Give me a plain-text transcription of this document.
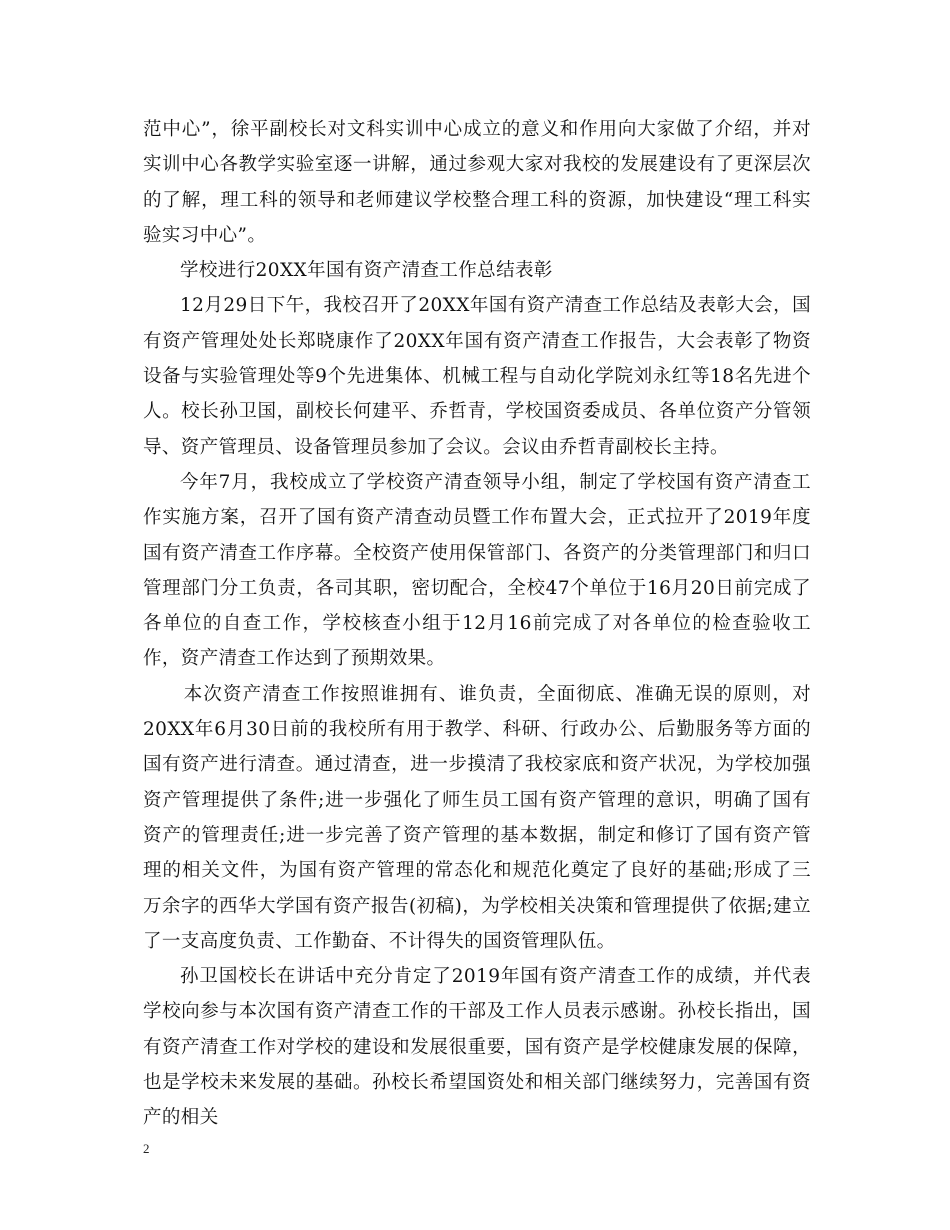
范中心”，徐平副校长对文科实训中心成立的意义和作用向大家做了介绍，并对实训中心各教学实验室逐一讲解，通过参观大家对我校的发展建设有了更深层次的了解，理工科的领导和老师建议学校整合理工科的资源，加快建设“理工科实验实习中心”。

学校进行20XX年国有资产清查工作总结表彰

12月29日下午，我校召开了20XX年国有资产清查工作总结及表彰大会，国有资产管理处处长郑晓康作了20XX年国有资产清查工作报告，大会表彰了物资设备与实验管理处等9个先进集体、机械工程与自动化学院刘永红等18名先进个人。校长孙卫国，副校长何建平、乔哲青，学校国资委成员、各单位资产分管领导、资产管理员、设备管理员参加了会议。会议由乔哲青副校长主持。

今年7月，我校成立了学校资产清查领导小组，制定了学校国有资产清查工作实施方案，召开了国有资产清查动员暨工作布置大会，正式拉开了2019年度国有资产清查工作序幕。全校资产使用保管部门、各资产的分类管理部门和归口管理部门分工负责，各司其职，密切配合，全校47个单位于16月20日前完成了各单位的自查工作，学校核查小组于12月16前完成了对各单位的检查验收工作，资产清查工作达到了预期效果。

本次资产清查工作按照谁拥有、谁负责，全面彻底、准确无误的原则，对20XX年6月30日前的我校所有用于教学、科研、行政办公、后勤服务等方面的国有资产进行清查。通过清查，进一步摸清了我校家底和资产状况，为学校加强资产管理提供了条件;进一步强化了师生员工国有资产管理的意识，明确了国有资产的管理责任;进一步完善了资产管理的基本数据，制定和修订了国有资产管理的相关文件，为国有资产管理的常态化和规范化奠定了良好的基础;形成了三万余字的西华大学国有资产报告(初稿)，为学校相关决策和管理提供了依据;建立了一支高度负责、工作勤奋、不计得失的国资管理队伍。

孙卫国校长在讲话中充分肯定了2019年国有资产清查工作的成绩，并代表学校向参与本次国有资产清查工作的干部及工作人员表示感谢。孙校长指出，国有资产清查工作对学校的建设和发展很重要，国有资产是学校健康发展的保障，也是学校未来发展的基础。孙校长希望国资处和相关部门继续努力，完善国有资产的相关

2
